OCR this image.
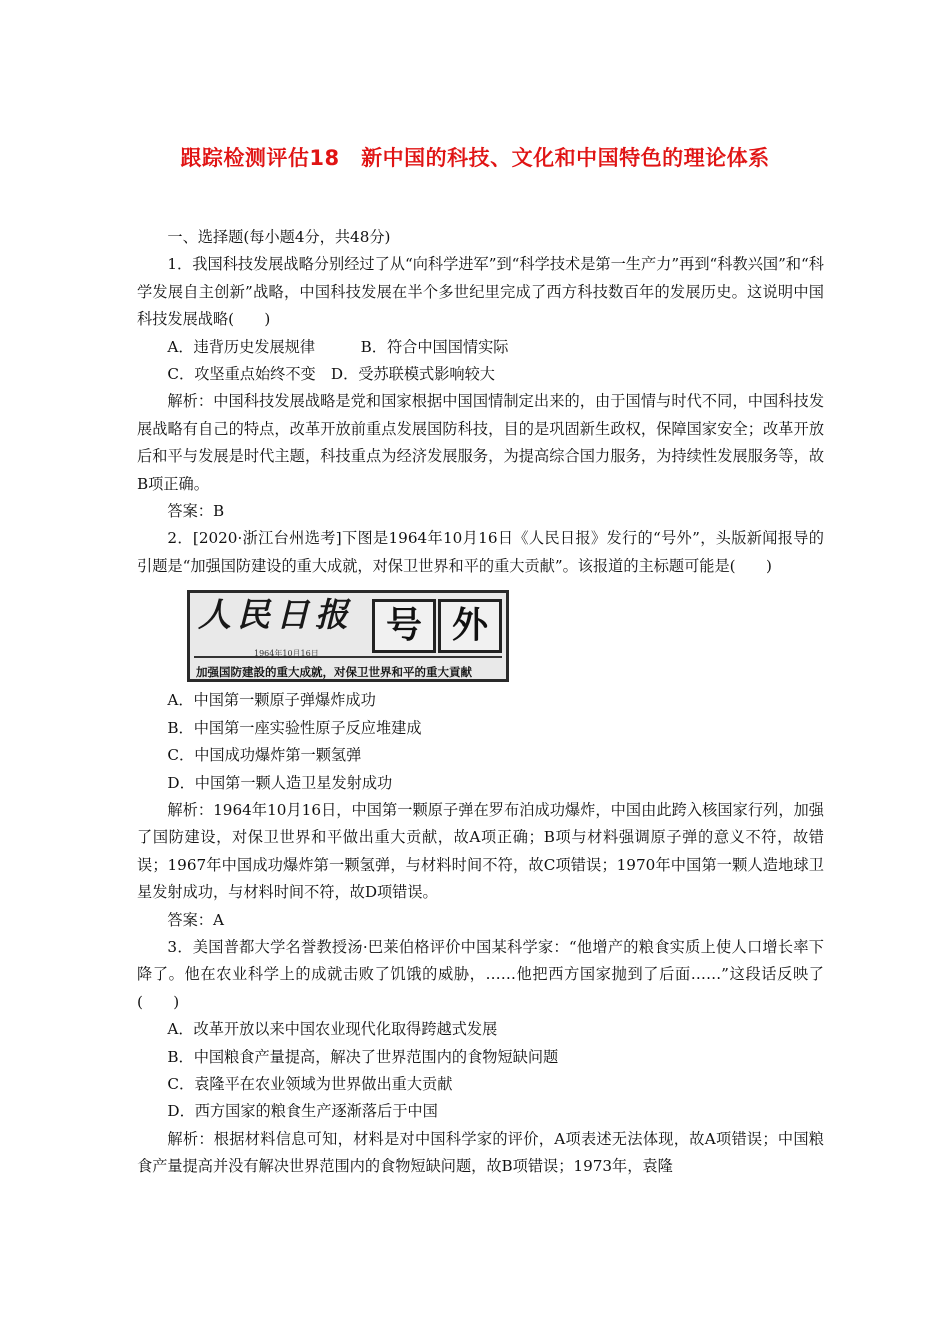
跟踪检测评估18　新中国的科技、文化和中国特色的理论体系

一、选择题(每小题4分，共48分)

1．我国科技发展战略分别经过了从“向科学进军”到“科学技术是第一生产力”再到“科教兴国”和“科学发展自主创新”战略，中国科技发展在半个多世纪里完成了西方科技数百年的发展历史。这说明中国科技发展战略(　　)

A．违背历史发展规律　　　B．符合中国国情实际

C．攻坚重点始终不变　D．受苏联模式影响较大

解析：中国科技发展战略是党和国家根据中国国情制定出来的，由于国情与时代不同，中国科技发展战略有自己的特点，改革开放前重点发展国防科技，目的是巩固新生政权，保障国家安全；改革开放后和平与发展是时代主题，科技重点为经济发展服务，为提高综合国力服务，为持续性发展服务等，故B项正确。

答案：B

2．[2020·浙江台州选考]下图是1964年10月16日《人民日报》发行的“号外”，头版新闻报导的引题是“加强国防建设的重大成就，对保卫世界和平的重大贡献”。该报道的主标题可能是(　　)

人民日报
1964年10月16日
号 外
加强国防建設的重大成就，对保卫世界和平的重大貢献

A．中国第一颗原子弹爆炸成功

B．中国第一座实验性原子反应堆建成

C．中国成功爆炸第一颗氢弹

D．中国第一颗人造卫星发射成功

解析：1964年10月16日，中国第一颗原子弹在罗布泊成功爆炸，中国由此跨入核国家行列，加强了国防建设，对保卫世界和平做出重大贡献，故A项正确；B项与材料强调原子弹的意义不符，故错误；1967年中国成功爆炸第一颗氢弹，与材料时间不符，故C项错误；1970年中国第一颗人造地球卫星发射成功，与材料时间不符，故D项错误。

答案：A

3．美国普都大学名誉教授汤·巴莱伯格评价中国某科学家：“他增产的粮食实质上使人口增长率下降了。他在农业科学上的成就击败了饥饿的威胁，……他把西方国家抛到了后面……”这段话反映了(　　)

A．改革开放以来中国农业现代化取得跨越式发展

B．中国粮食产量提高，解决了世界范围内的食物短缺问题

C．袁隆平在农业领域为世界做出重大贡献

D．西方国家的粮食生产逐渐落后于中国

解析：根据材料信息可知，材料是对中国科学家的评价，A项表述无法体现，故A项错误；中国粮食产量提高并没有解决世界范围内的食物短缺问题，故B项错误；1973年，袁隆
